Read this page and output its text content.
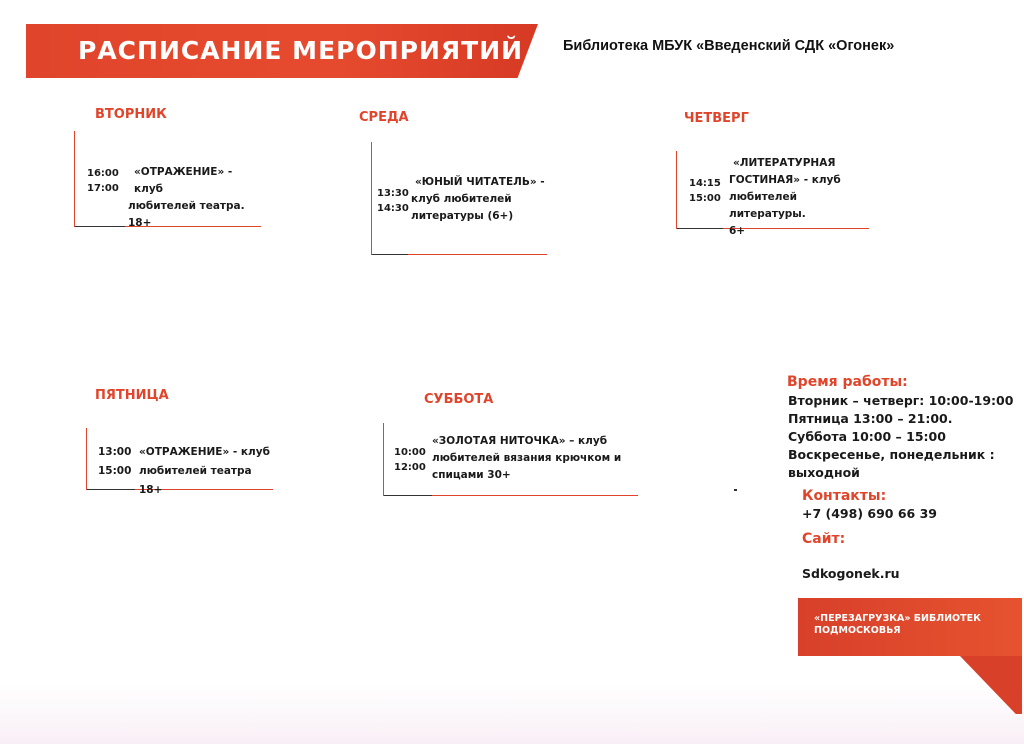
РАСПИСАНИЕ МЕРОПРИЯТИЙ	Библиотека МБУК «Введенский СДК «Огонек»
ВТОРНИК
16:00
17:00
«ОТРАЖЕНИЕ» - клуб
любителей театра. 18+
СРЕДА
13:30
14:30
«ЮНЫЙ ЧИТАТЕЛЬ» -
клуб любителей
литературы (6+)
ЧЕТВЕРГ
14:15
15:00
«ЛИТЕРАТУРНАЯ
ГОСТИНАЯ» - клуб
любителей литературы.
6+
ПЯТНИЦА
13:00
15:00
«ОТРАЖЕНИЕ» - клуб
любителей театра 18+
СУББОТА
10:00
12:00
«ЗОЛОТАЯ НИТОЧКА» – клуб
любителей вязания крючком и
спицами 30+
Время работы:
Вторник – четверг: 10:00-19:00
Пятница 13:00 – 21:00.
Суббота 10:00 – 15:00
Воскресенье, понедельник :
выходной
Контакты:
+7 (498) 690 66 39
Сайт:
Sdkogonek.ru
«ПЕРЕЗАГРУЗКА» БИБЛИОТЕК ПОДМОСКОВЬЯ
